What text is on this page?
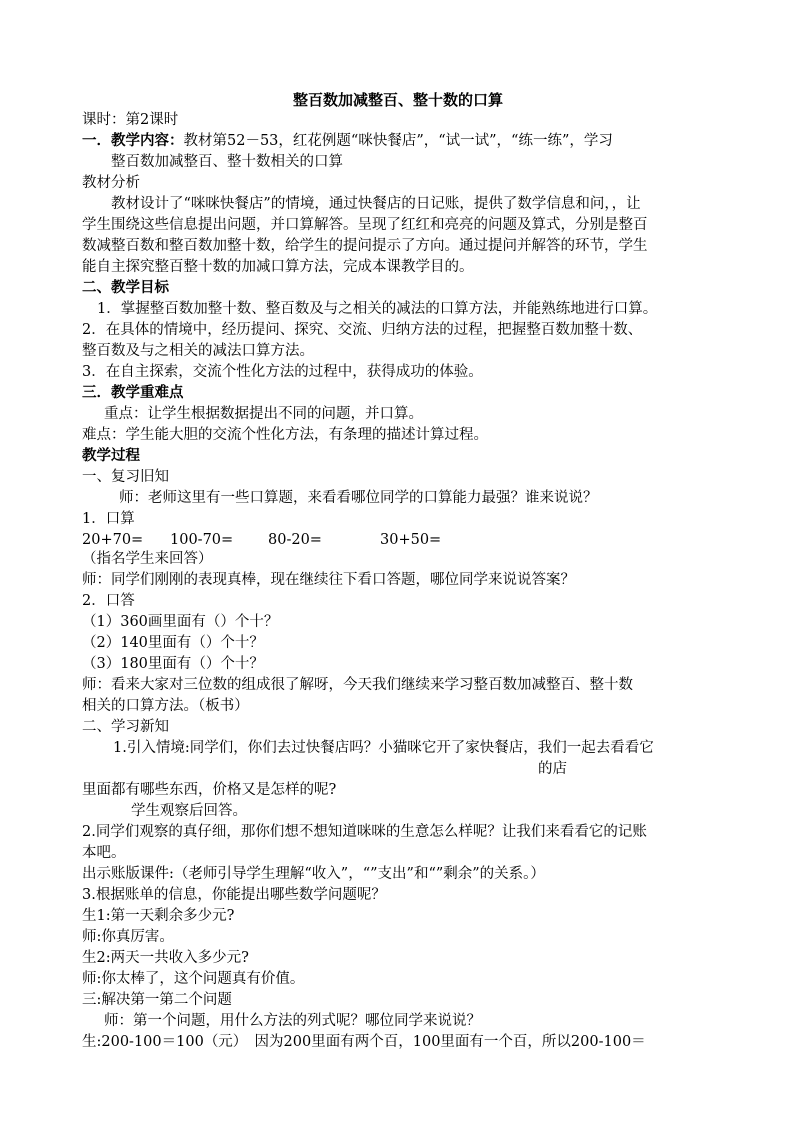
整百数加减整百、整十数的口算
课时：第2课时
一．教学内容：教材第52－53，红花例题“咪快餐店”，“试一试”，“练一练”，学习
整百数加减整百、整十数相关的口算
教材分析
教材设计了“咪咪快餐店”的情境，通过快餐店的日记账，提供了数学信息和问，，让
学生围绕这些信息提出问题，并口算解答。呈现了红红和亮亮的问题及算式，分别是整百
数减整百数和整百数加整十数，给学生的提问提示了方向。通过提问并解答的环节，学生
能自主探究整百整十数的加减口算方法，完成本课教学目的。
二、教学目标
1．掌握整百数加整十数、整百数及与之相关的减法的口算方法，并能熟练地进行口算。
2．在具体的情境中，经历提问、探究、交流、归纳方法的过程，把握整百数加整十数、
整百数及与之相关的减法口算方法。
3．在自主探索，交流个性化方法的过程中，获得成功的体验。
三．教学重难点
重点：让学生根据数据提出不同的问题，并口算。
难点：学生能大胆的交流个性化方法，有条理的描述计算过程。
教学过程
一、复习旧知
师：老师这里有一些口算题，来看看哪位同学的口算能力最强？谁来说说？
1．口算
20+70= 100-70= 80-20=	30+50=
（指名学生来回答）
师：同学们刚刚的表现真棒，现在继续往下看口答题，哪位同学来说说答案？
2．口答
（1）360画里面有（）个十？
（2）140里面有（）个十？
（3）180里面有（）个十？
师：看来大家对三位数的组成很了解呀，今天我们继续来学习整百数加减整百、整十数
相关的口算方法。（板书）
二、学习新知
1.引入情境:同学们，你们去过快餐店吗？小猫咪它开了家快餐店，我们一起去看看它
的店
里面都有哪些东西，价格又是怎样的呢?
学生观察后回答。
2.同学们观察的真仔细，那你们想不想知道咪咪的生意怎么样呢？让我们来看看它的记账
本吧。
出示账版课件:（老师引导学生理解“收入”，“”支出”和“”剩余”的关系。）
3.根据账单的信息，你能提出哪些数学问题呢？
生1:第一天剩余多少元?
师:你真厉害。
生2:两天一共收入多少元?
师:你太棒了，这个问题真有价值。
三:解决第一第二个问题
师：第一个问题，用什么方法的列式呢？哪位同学来说说？
生:200-100＝100（元）　因为200里面有两个百，100里面有一个百，所以200-100＝
